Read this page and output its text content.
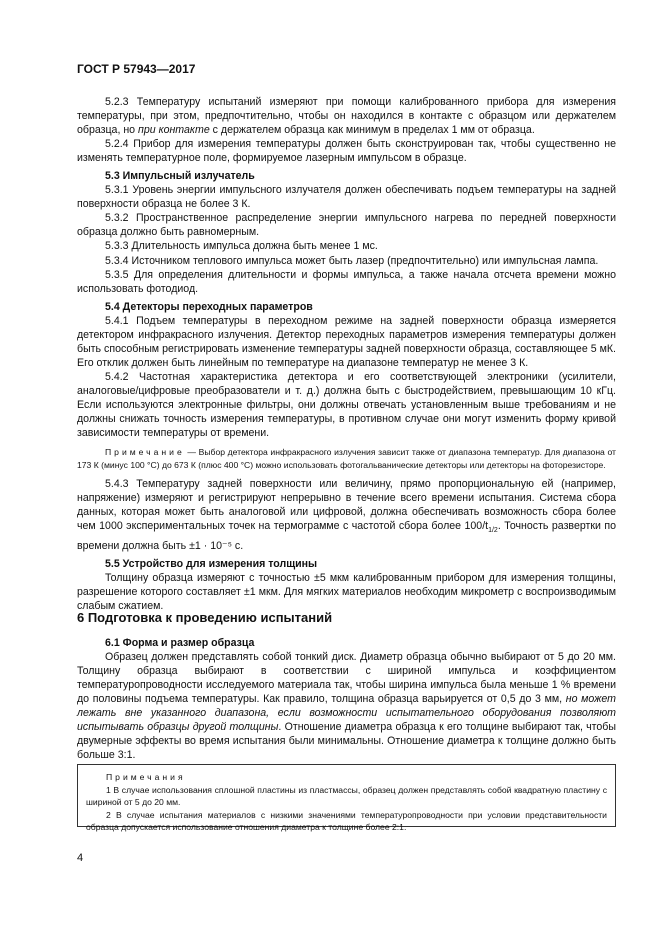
ГОСТ Р 57943—2017

5.2.3 Температуру испытаний измеряют при помощи калиброванного прибора для измерения температуры, при этом, предпочтительно, чтобы он находился в контакте с образцом или держателем образца, но при контакте с держателем образца как минимум в пределах 1 мм от образца.

5.2.4 Прибор для измерения температуры должен быть сконструирован так, чтобы существенно не изменять температурное поле, формируемое лазерным импульсом в образце.

5.3 Импульсный излучатель

5.3.1 Уровень энергии импульсного излучателя должен обеспечивать подъем температуры на задней поверхности образца не более 3 К.

5.3.2 Пространственное распределение энергии импульсного нагрева по передней поверхности образца должно быть равномерным.

5.3.3 Длительность импульса должна быть менее 1 мс.

5.3.4 Источником теплового импульса может быть лазер (предпочтительно) или импульсная лампа.

5.3.5 Для определения длительности и формы импульса, а также начала отсчета времени можно использовать фотодиод.

5.4 Детекторы переходных параметров

5.4.1 Подъем температуры в переходном режиме на задней поверхности образца измеряется детектором инфракрасного излучения. Детектор переходных параметров измерения температуры должен быть способным регистрировать изменение температуры задней поверхности образца, составляющее 5 мК. Его отклик должен быть линейным по температуре на диапазоне температур не менее 3 К.

5.4.2 Частотная характеристика детектора и его соответствующей электроники (усилители, аналоговые/цифровые преобразователи и т. д.) должна быть с быстродействием, превышающим 10 кГц. Если используются электронные фильтры, они должны отвечать установленным выше требованиям и не должны снижать точность измерения температуры, в противном случае они могут изменить форму кривой зависимости температуры от времени.

Примечание — Выбор детектора инфракрасного излучения зависит также от диапазона температур. Для диапазона от 173 К (минус 100 °С) до 673 К (плюс 400 °С) можно использовать фотогальванические детекторы или детекторы на фоторезисторе.

5.4.3 Температуру задней поверхности или величину, прямо пропорциональную ей (например, напряжение) измеряют и регистрируют непрерывно в течение всего времени испытания. Система сбора данных, которая может быть аналоговой или цифровой, должна обеспечивать возможность сбора более чем 1000 экспериментальных точек на термограмме с частотой сбора более $100/t_{1/2}$. Точность развертки по времени должна быть ±1 · 10⁻⁵ с.

5.5 Устройство для измерения толщины

Толщину образца измеряют с точностью ±5 мкм калиброванным прибором для измерения толщины, разрешение которого составляет ±1 мкм. Для мягких материалов необходим микрометр с воспроизводимым слабым сжатием.

6 Подготовка к проведению испытаний

6.1 Форма и размер образца

Образец должен представлять собой тонкий диск. Диаметр образца обычно выбирают от 5 до 20 мм. Толщину образца выбирают в соответствии с шириной импульса и коэффициентом температуропроводности исследуемого материала так, чтобы ширина импульса была меньше 1 % времени до половины подъема температуры. Как правило, толщина образца варьируется от 0,5 до 3 мм, но может лежать вне указанного диапазона, если возможности испытательного оборудования позволяют испытывать образцы другой толщины. Отношение диаметра образца к его толщине выбирают так, чтобы двумерные эффекты во время испытания были минимальны. Отношение диаметра к толщине должно быть больше 3:1.

Примечания

1 В случае использования сплошной пластины из пластмассы, образец должен представлять собой квадратную пластину с шириной от 5 до 20 мм.

2 В случае испытания материалов с низкими значениями температуропроводности при условии представительности образца допускается использование отношения диаметра к толщине более 2:1.

4
